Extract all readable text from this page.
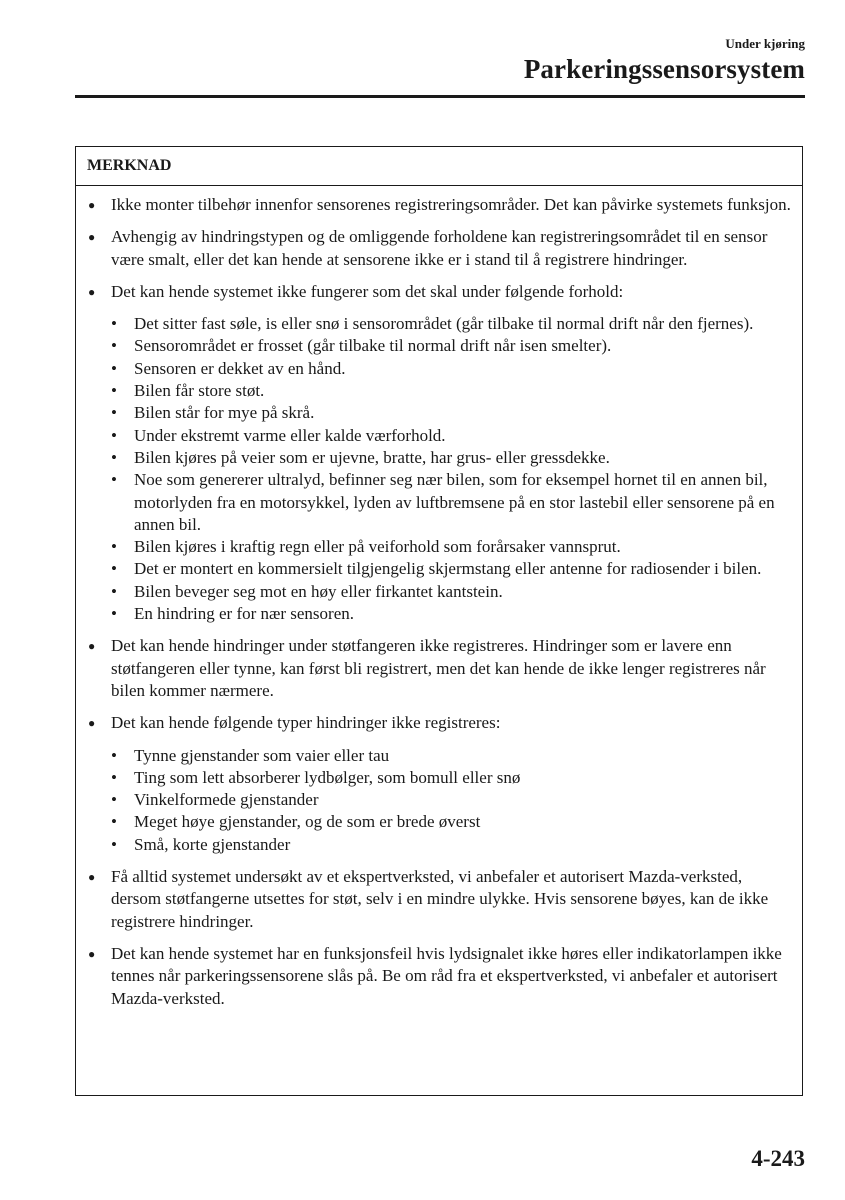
Under kjøring
Parkeringssensorsystem
MERKNAD
● Ikke monter tilbehør innenfor sensorenes registreringsområder. Det kan påvirke systemets funksjon.
● Avhengig av hindringstypen og de omliggende forholdene kan registreringsområdet til en sensor være smalt, eller det kan hende at sensorene ikke er i stand til å registrere hindringer.
● Det kan hende systemet ikke fungerer som det skal under følgende forhold:
• Det sitter fast søle, is eller snø i sensorområdet (går tilbake til normal drift når den fjernes).
• Sensorområdet er frosset (går tilbake til normal drift når isen smelter).
• Sensoren er dekket av en hånd.
• Bilen får store støt.
• Bilen står for mye på skrå.
• Under ekstremt varme eller kalde værforhold.
• Bilen kjøres på veier som er ujevne, bratte, har grus- eller gressdekke.
• Noe som genererer ultralyd, befinner seg nær bilen, som for eksempel hornet til en annen bil, motorlyden fra en motorsykkel, lyden av luftbremsene på en stor lastebil eller sensorene på en annen bil.
• Bilen kjøres i kraftig regn eller på veiforhold som forårsaker vannsprut.
• Det er montert en kommersielt tilgjengelig skjermstang eller antenne for radiosender i bilen.
• Bilen beveger seg mot en høy eller firkantet kantstein.
• En hindring er for nær sensoren.
● Det kan hende hindringer under støtfangeren ikke registreres. Hindringer som er lavere enn støtfangeren eller tynne, kan først bli registrert, men det kan hende de ikke lenger registreres når bilen kommer nærmere.
● Det kan hende følgende typer hindringer ikke registreres:
• Tynne gjenstander som vaier eller tau
• Ting som lett absorberer lydbølger, som bomull eller snø
• Vinkelformede gjenstander
• Meget høye gjenstander, og de som er brede øverst
• Små, korte gjenstander
● Få alltid systemet undersøkt av et ekspertverksted, vi anbefaler et autorisert Mazda-verksted, dersom støtfangerne utsettes for støt, selv i en mindre ulykke. Hvis sensorene bøyes, kan de ikke registrere hindringer.
● Det kan hende systemet har en funksjonsfeil hvis lydsignalet ikke høres eller indikatorlampen ikke tennes når parkeringssensorene slås på. Be om råd fra et ekspertverksted, vi anbefaler et autorisert Mazda-verksted.
4-243
